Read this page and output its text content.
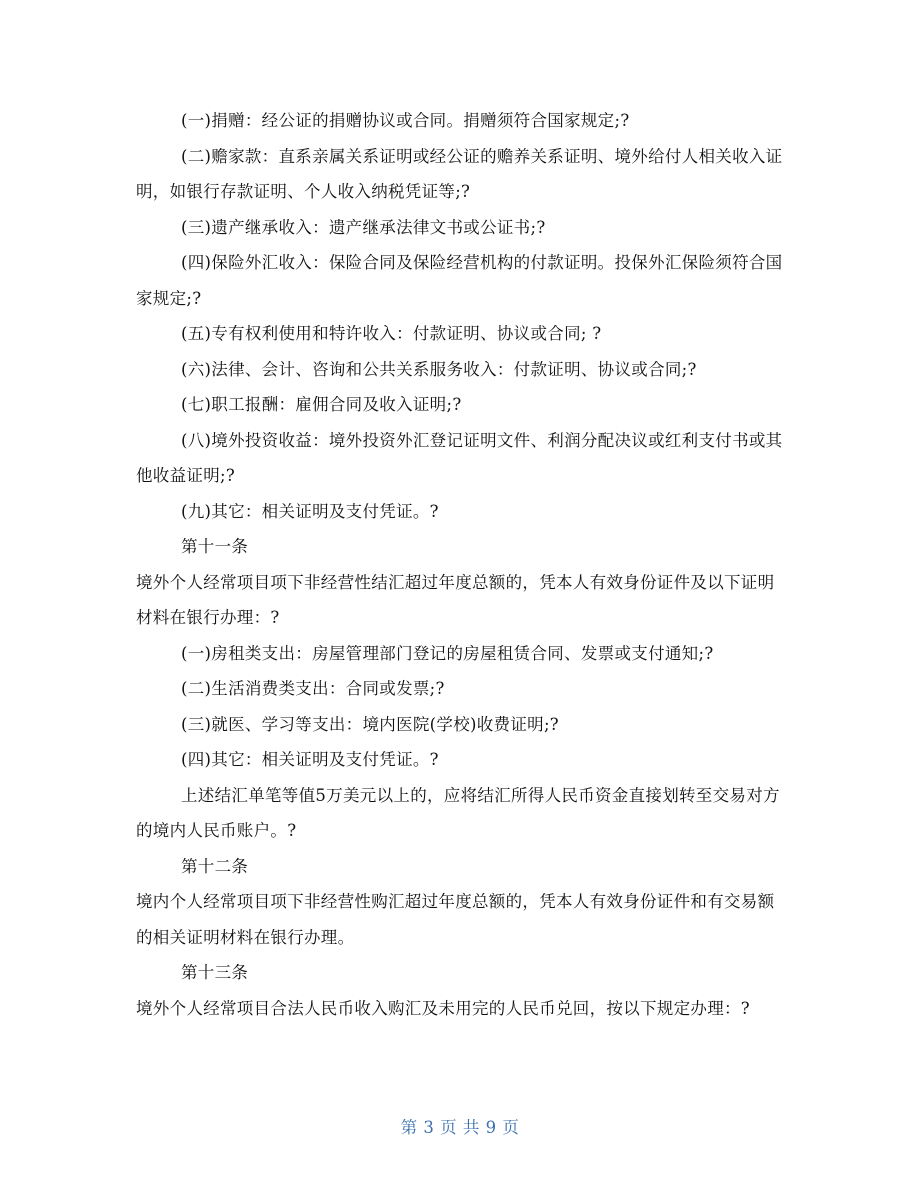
(一)捐赠：经公证的捐赠协议或合同。捐赠须符合国家规定;?

(二)赡家款：直系亲属关系证明或经公证的赡养关系证明、境外给付人相关收入证明，如银行存款证明、个人收入纳税凭证等;?

(三)遗产继承收入：遗产继承法律文书或公证书;?

(四)保险外汇收入：保险合同及保险经营机构的付款证明。投保外汇保险须符合国家规定;?

(五)专有权利使用和特许收入：付款证明、协议或合同; ?

(六)法律、会计、咨询和公共关系服务收入：付款证明、协议或合同;?

(七)职工报酬：雇佣合同及收入证明;?

(八)境外投资收益：境外投资外汇登记证明文件、利润分配决议或红利支付书或其他收益证明;?

(九)其它：相关证明及支付凭证。?

第十一条

境外个人经常项目项下非经营性结汇超过年度总额的，凭本人有效身份证件及以下证明材料在银行办理：?

(一)房租类支出：房屋管理部门登记的房屋租赁合同、发票或支付通知;?

(二)生活消费类支出：合同或发票;?

(三)就医、学习等支出：境内医院(学校)收费证明;?

(四)其它：相关证明及支付凭证。?

上述结汇单笔等值5万美元以上的，应将结汇所得人民币资金直接划转至交易对方的境内人民币账户。?

第十二条

境内个人经常项目项下非经营性购汇超过年度总额的，凭本人有效身份证件和有交易额的相关证明材料在银行办理。

第十三条

境外个人经常项目合法人民币收入购汇及未用完的人民币兑回，按以下规定办理：?

第 3 页 共 9 页
